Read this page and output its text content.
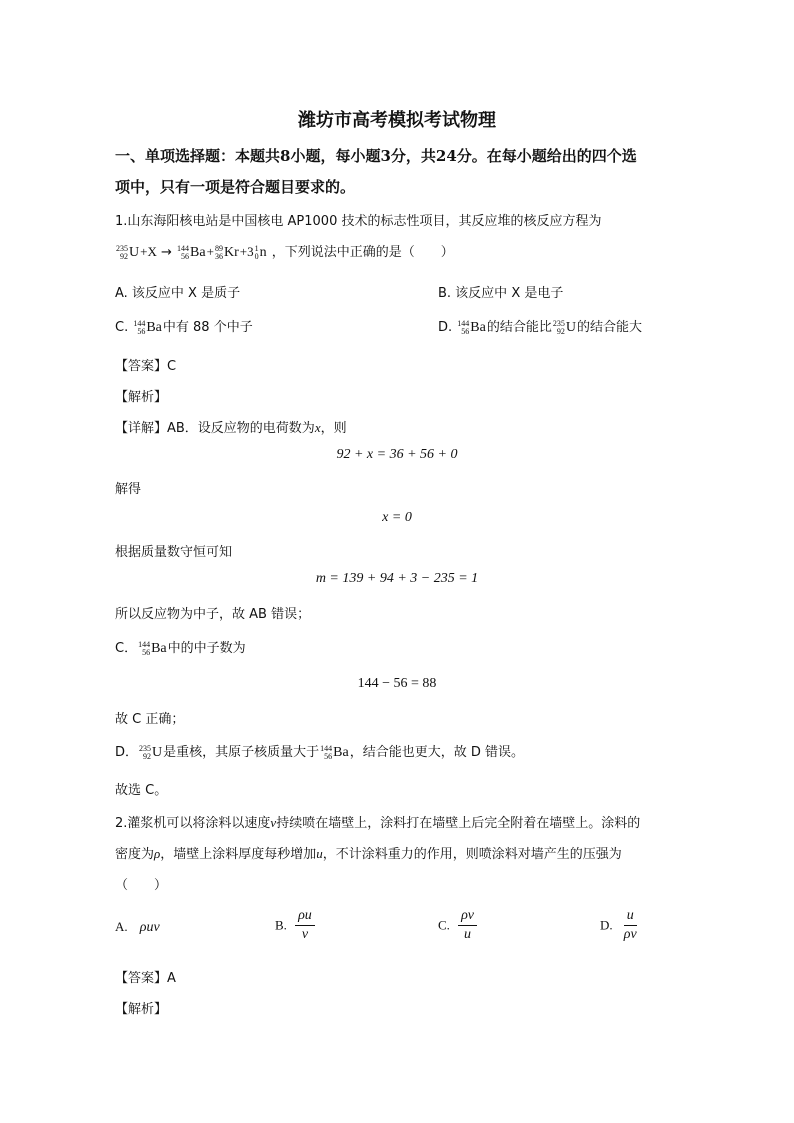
潍坊市高考模拟考试物理
一、单项选择题：本题共8小题，每小题3分，共24分。在每小题给出的四个选
项中，只有一项是符合题目要求的。
1.山东海阳核电站是中国核电 AP1000 技术的标志性项目，其反应堆的核反应方程为
235
92 U +X → 144
56 Ba + 89
36 Kr +3 1
0 n ，下列说法中正确的是（　　）
A. 该反应中 X 是质子	B. 该反应中 X 是电子
C. 144
56 Ba 中有 88 个中子	D. 144
56 Ba 的结合能比 235
92 U 的结合能大
【答案】C
【解析】
【详解】AB．设反应物的电荷数为x，则
92 + x = 36 + 56 + 0
解得
x = 0
根据质量数守恒可知
m = 139 + 94 + 3 − 235 = 1
所以反应物为中子，故 AB 错误；
C． 144
56 Ba 中的中子数为
144 − 56 = 88
故 C 正确；
D． 235
92 U 是重核，其原子核质量大于 144
56 Ba ，结合能也更大，故 D 错误。
故选 C。
2.灌浆机可以将涂料以速度v持续喷在墙壁上，涂料打在墙壁上后完全附着在墙壁上。涂料的
密度为ρ，墙壁上涂料厚度每秒增加u，不计涂料重力的作用，则喷涂料对墙产生的压强为
（　　）
A. ρuv	B. $\frac{\rho u}{v}$	C. $\frac{\rho v}{u}$	D. $\frac{u}{\rho v}$
【答案】A
【解析】
